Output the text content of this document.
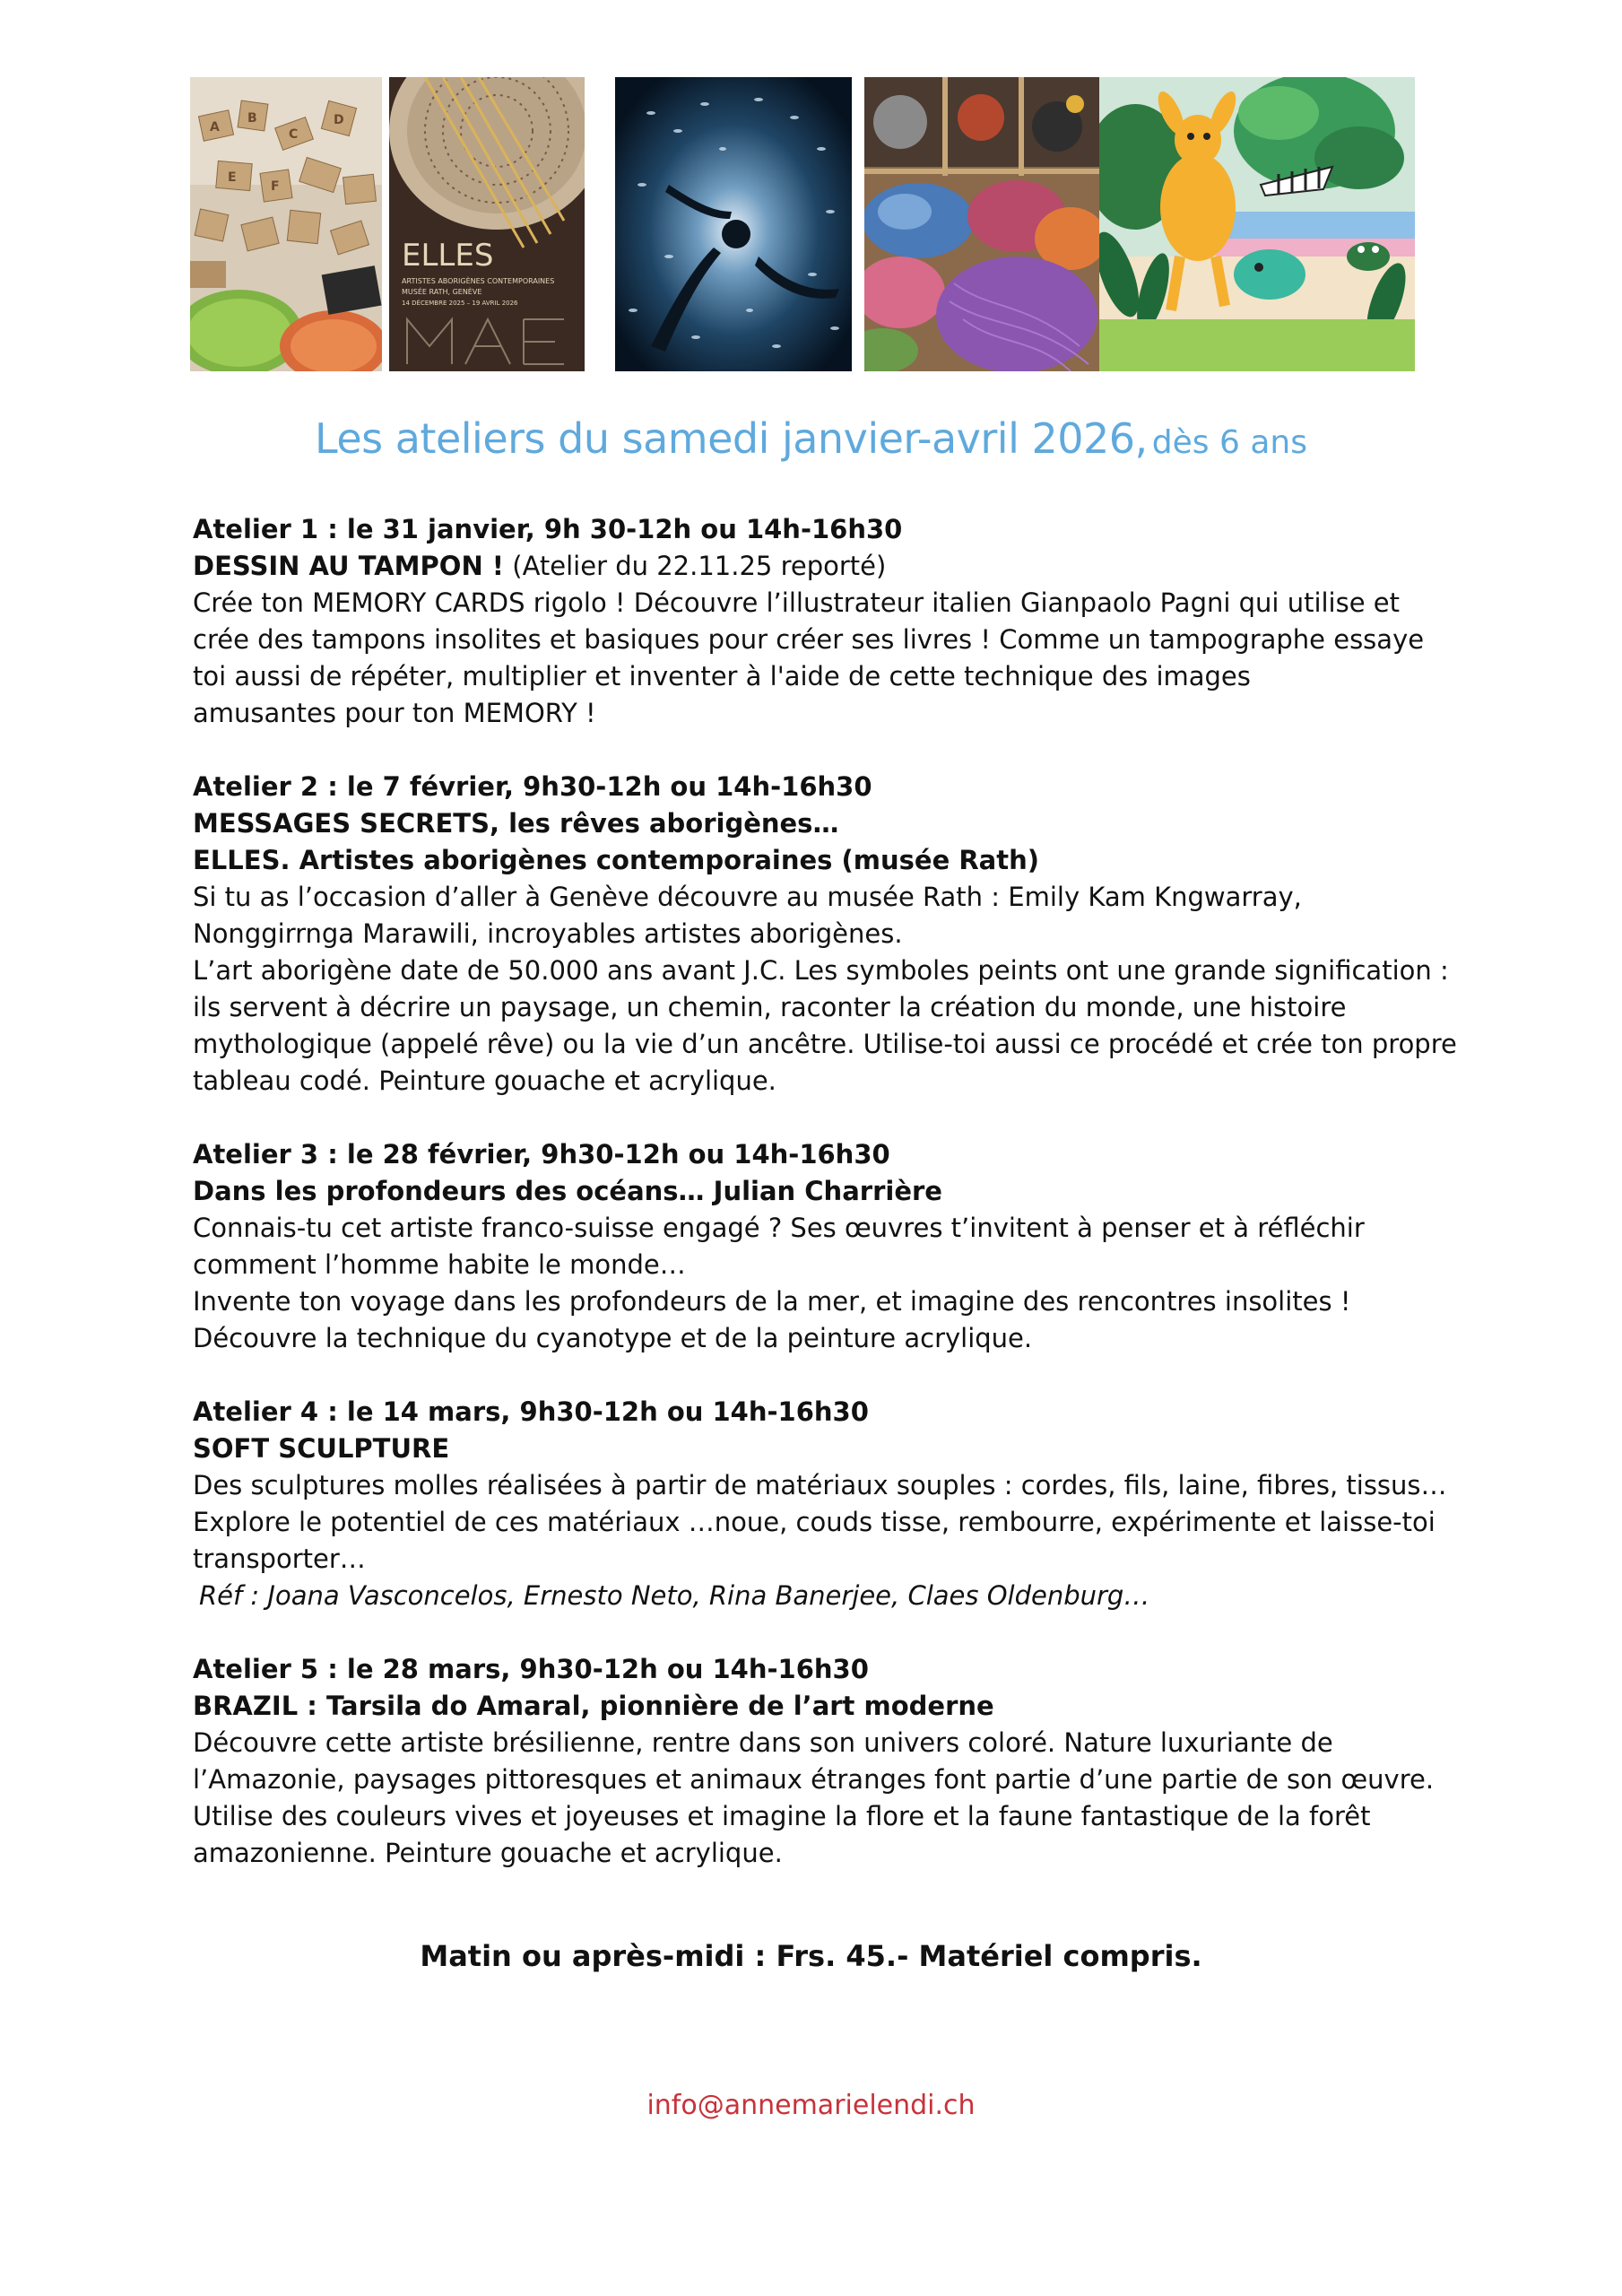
A
B
C
D
E
F
ELLES
ARTISTES ABORIGÈNES CONTEMPORAINES
MUSÉE RATH, GENÈVE
14 DÉCEMBRE 2025 – 19 AVRIL 2026
Les ateliers du samedi janvier-avril 2026, dès 6 ans
Atelier 1 : le 31 janvier, 9h 30-12h ou 14h-16h30
DESSIN AU TAMPON ! (Atelier du 22.11.25 reporté)
Crée ton MEMORY CARDS rigolo ! Découvre l’illustrateur italien Gianpaolo Pagni qui utilise et
crée des tampons insolites et basiques pour créer ses livres ! Comme un tampographe essaye
toi aussi de répéter, multiplier et inventer à l'aide de cette technique des images
amusantes pour ton MEMORY !
Atelier 2 : le 7 février, 9h30-12h ou 14h-16h30
MESSAGES SECRETS, les rêves aborigènes…
ELLES. Artistes aborigènes contemporaines (musée Rath)
Si tu as l’occasion d’aller à Genève découvre au musée Rath : Emily Kam Kngwarray,
Nonggirrnga Marawili, incroyables artistes aborigènes.
L’art aborigène date de 50.000 ans avant J.C. Les symboles peints ont une grande signification :
ils servent à décrire un paysage, un chemin, raconter la création du monde, une histoire
mythologique (appelé rêve) ou la vie d’un ancêtre. Utilise-toi aussi ce procédé et crée ton propre
tableau codé. Peinture gouache et acrylique.
Atelier 3 : le 28 février, 9h30-12h ou 14h-16h30
Dans les profondeurs des océans… Julian Charrière
Connais-tu cet artiste franco-suisse engagé ? Ses œuvres t’invitent à penser et à réfléchir
comment l’homme habite le monde…
Invente ton voyage dans les profondeurs de la mer, et imagine des rencontres insolites !
Découvre la technique du cyanotype et de la peinture acrylique.
Atelier 4 : le 14 mars, 9h30-12h ou 14h-16h30
SOFT SCULPTURE
Des sculptures molles réalisées à partir de matériaux souples : cordes, fils, laine, fibres, tissus…
Explore le potentiel de ces matériaux …noue, couds tisse, rembourre, expérimente et laisse-toi
transporter…
Réf : Joana Vasconcelos, Ernesto Neto, Rina Banerjee, Claes Oldenburg…
Atelier 5 : le 28 mars, 9h30-12h ou 14h-16h30
BRAZIL : Tarsila do Amaral, pionnière de l’art moderne
Découvre cette artiste brésilienne, rentre dans son univers coloré. Nature luxuriante de
l’Amazonie, paysages pittoresques et animaux étranges font partie d’une partie de son œuvre.
Utilise des couleurs vives et joyeuses et imagine la flore et la faune fantastique de la forêt
amazonienne. Peinture gouache et acrylique.
Matin ou après-midi : Frs. 45.- Matériel compris.
info@annemarielendi.ch
